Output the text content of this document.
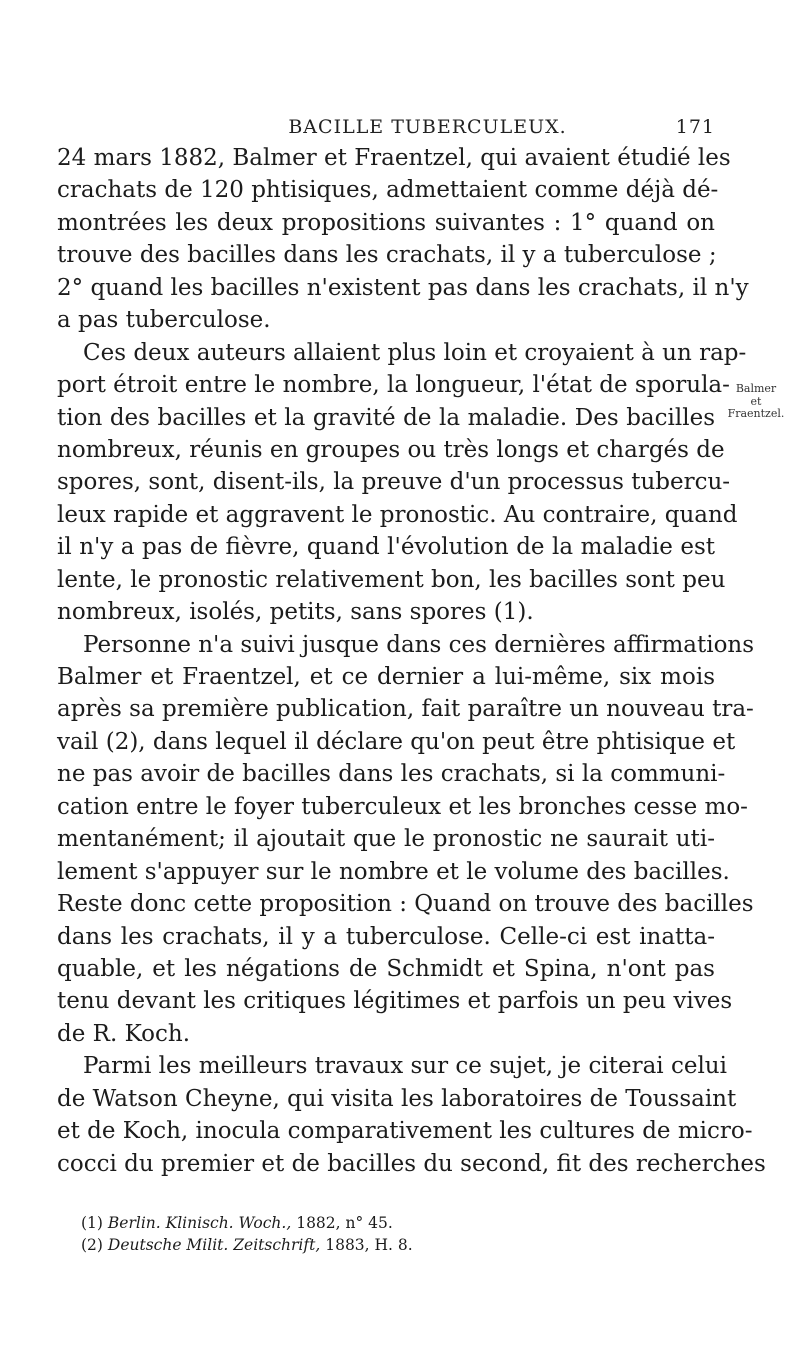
BACILLE TUBERCULEUX.	171
Balmer
et
Fraentzel.
24 mars 1882, Balmer et Fraentzel, qui avaient étudié les
crachats de 120 phtisiques, admettaient comme déjà dé-
montrées les deux propositions suivantes : 1° quand on
trouve des bacilles dans les crachats, il y a tuberculose ;
2° quand les bacilles n'existent pas dans les crachats, il n'y
a pas tuberculose.
Ces deux auteurs allaient plus loin et croyaient à un rap-
port étroit entre le nombre, la longueur, l'état de sporula-
tion des bacilles et la gravité de la maladie. Des bacilles
nombreux, réunis en groupes ou très longs et chargés de
spores, sont, disent-ils, la preuve d'un processus tubercu-
leux rapide et aggravent le pronostic. Au contraire, quand
il n'y a pas de fièvre, quand l'évolution de la maladie est
lente, le pronostic relativement bon, les bacilles sont peu
nombreux, isolés, petits, sans spores (1).
Personne n'a suivi jusque dans ces dernières affirmations
Balmer et Fraentzel, et ce dernier a lui-même, six mois
après sa première publication, fait paraître un nouveau tra-
vail (2), dans lequel il déclare qu'on peut être phtisique et
ne pas avoir de bacilles dans les crachats, si la communi-
cation entre le foyer tuberculeux et les bronches cesse mo-
mentanément; il ajoutait que le pronostic ne saurait uti-
lement s'appuyer sur le nombre et le volume des bacilles.
Reste donc cette proposition : Quand on trouve des bacilles
dans les crachats, il y a tuberculose. Celle-ci est inatta-
quable, et les négations de Schmidt et Spina, n'ont pas
tenu devant les critiques légitimes et parfois un peu vives
de R. Koch.
Parmi les meilleurs travaux sur ce sujet, je citerai celui
de Watson Cheyne, qui visita les laboratoires de Toussaint
et de Koch, inocula comparativement les cultures de micro-
cocci du premier et de bacilles du second, fit des recherches
(1) Berlin. Klinisch. Woch., 1882, n° 45.
(2) Deutsche Milit. Zeitschrift, 1883, H. 8.
